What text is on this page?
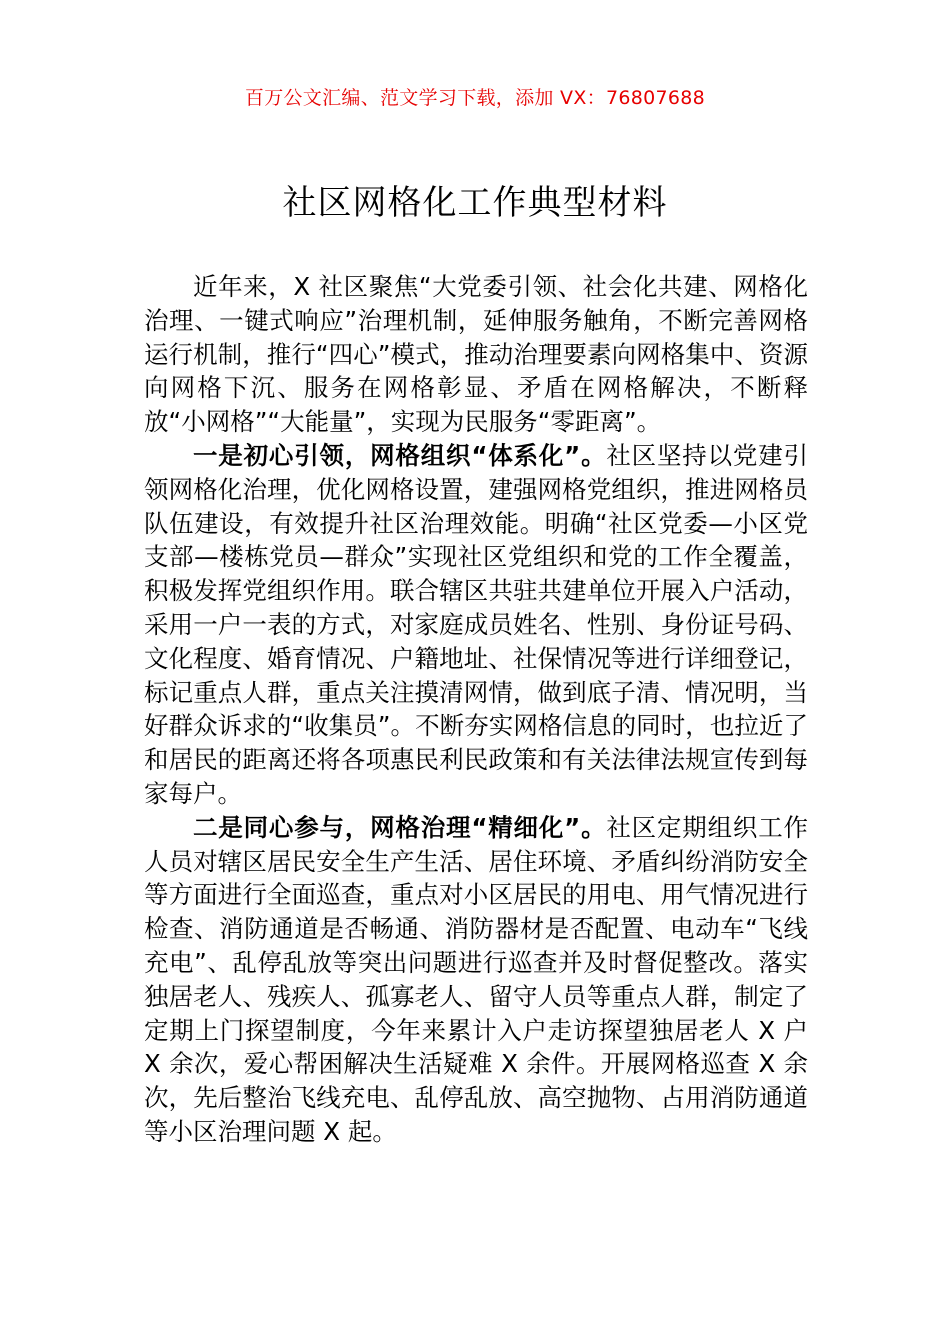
百万公文汇编、范文学习下载，添加 VX：76807688
社区网格化工作典型材料

近年来，X 社区聚焦“大党委引领、社会化共建、网格化治理、一键式响应”治理机制，延伸服务触角，不断完善网格运行机制，推行“四心”模式，推动治理要素向网格集中、资源向网格下沉、服务在网格彰显、矛盾在网格解决，不断释放“小网格”“大能量”，实现为民服务“零距离”。

一是初心引领，网格组织“体系化”。社区坚持以党建引领网格化治理，优化网格设置，建强网格党组织，推进网格员队伍建设，有效提升社区治理效能。明确“社区党委—小区党支部—楼栋党员—群众”实现社区党组织和党的工作全覆盖，积极发挥党组织作用。联合辖区共驻共建单位开展入户活动，采用一户一表的方式，对家庭成员姓名、性别、身份证号码、文化程度、婚育情况、户籍地址、社保情况等进行详细登记，标记重点人群，重点关注摸清网情，做到底子清、情况明，当好群众诉求的“收集员”。不断夯实网格信息的同时，也拉近了和居民的距离还将各项惠民利民政策和有关法律法规宣传到每家每户。

二是同心参与，网格治理“精细化”。社区定期组织工作人员对辖区居民安全生产生活、居住环境、矛盾纠纷消防安全等方面进行全面巡查，重点对小区居民的用电、用气情况进行检查、消防通道是否畅通、消防器材是否配置、电动车“飞线充电”、乱停乱放等突出问题进行巡查并及时督促整改。落实独居老人、残疾人、孤寡老人、留守人员等重点人群，制定了定期上门探望制度，今年来累计入户走访探望独居老人 X 户 X 余次，爱心帮困解决生活疑难 X 余件。开展网格巡查 X 余次，先后整治飞线充电、乱停乱放、高空抛物、占用消防通道等小区治理问题 X 起。
